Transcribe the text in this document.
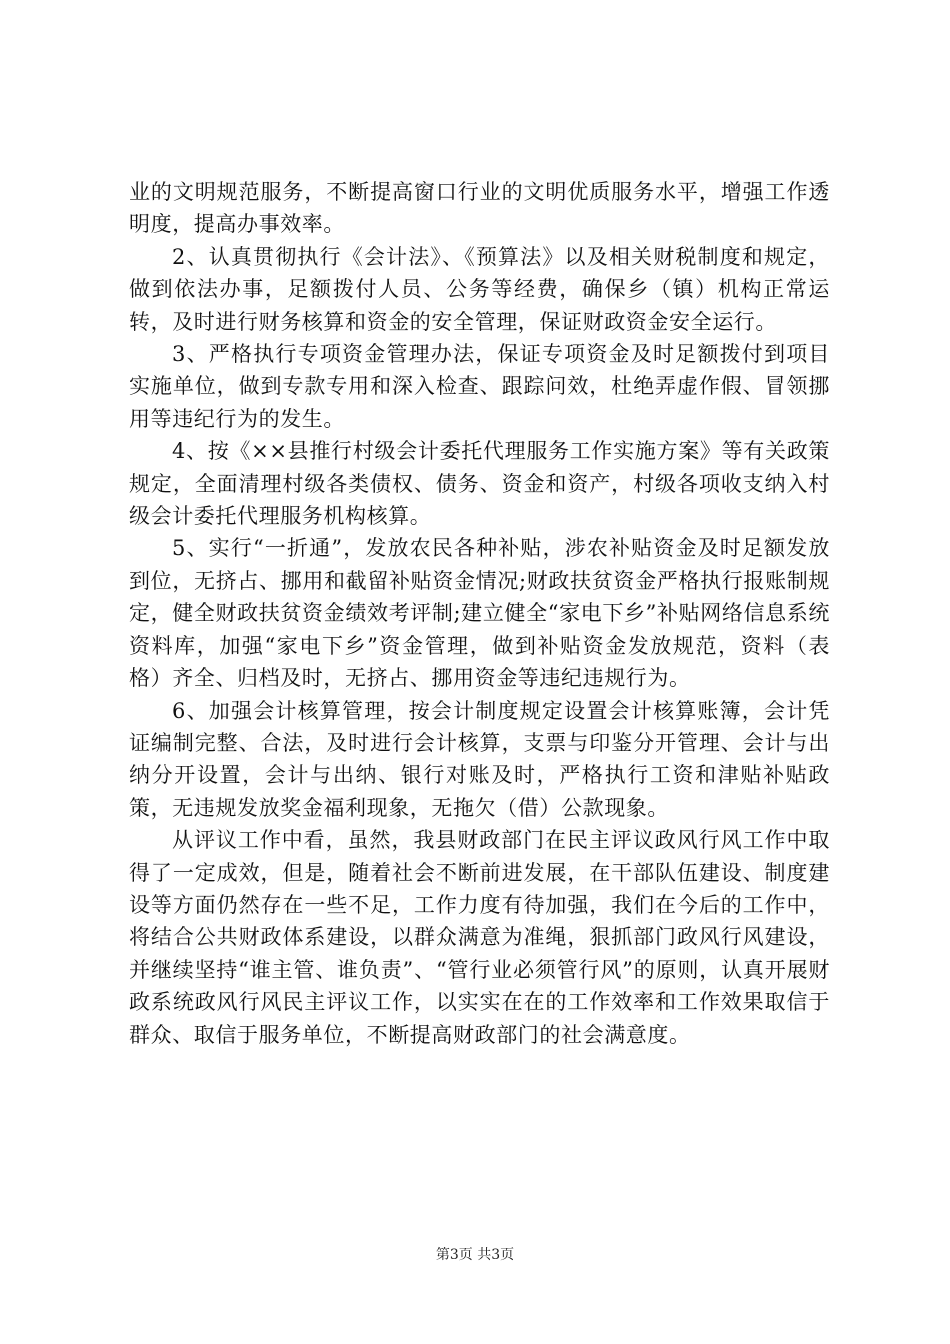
业的文明规范服务，不断提高窗口行业的文明优质服务水平，增强工作透明度，提高办事效率。

2、认真贯彻执行《会计法》、《预算法》以及相关财税制度和规定，做到依法办事，足额拨付人员、公务等经费，确保乡（镇）机构正常运转，及时进行财务核算和资金的安全管理，保证财政资金安全运行。

3、严格执行专项资金管理办法，保证专项资金及时足额拨付到项目实施单位，做到专款专用和深入检查、跟踪问效，杜绝弄虚作假、冒领挪用等违纪行为的发生。

4、按《××县推行村级会计委托代理服务工作实施方案》等有关政策规定，全面清理村级各类债权、债务、资金和资产，村级各项收支纳入村级会计委托代理服务机构核算。

5、实行“一折通”，发放农民各种补贴，涉农补贴资金及时足额发放到位，无挤占、挪用和截留补贴资金情况;财政扶贫资金严格执行报账制规定，健全财政扶贫资金绩效考评制;建立健全“家电下乡”补贴网络信息系统资料库，加强“家电下乡”资金管理，做到补贴资金发放规范，资料（表格）齐全、归档及时，无挤占、挪用资金等违纪违规行为。

6、加强会计核算管理，按会计制度规定设置会计核算账簿，会计凭证编制完整、合法，及时进行会计核算，支票与印鉴分开管理、会计与出纳分开设置，会计与出纳、银行对账及时，严格执行工资和津贴补贴政策，无违规发放奖金福利现象，无拖欠（借）公款现象。

从评议工作中看，虽然，我县财政部门在民主评议政风行风工作中取得了一定成效，但是，随着社会不断前进发展，在干部队伍建设、制度建设等方面仍然存在一些不足，工作力度有待加强，我们在今后的工作中，将结合公共财政体系建设，以群众满意为准绳，狠抓部门政风行风建设，并继续坚持“谁主管、谁负责”、“管行业必须管行风”的原则，认真开展财政系统政风行风民主评议工作，以实实在在的工作效率和工作效果取信于群众、取信于服务单位，不断提高财政部门的社会满意度。

第3页 共3页
